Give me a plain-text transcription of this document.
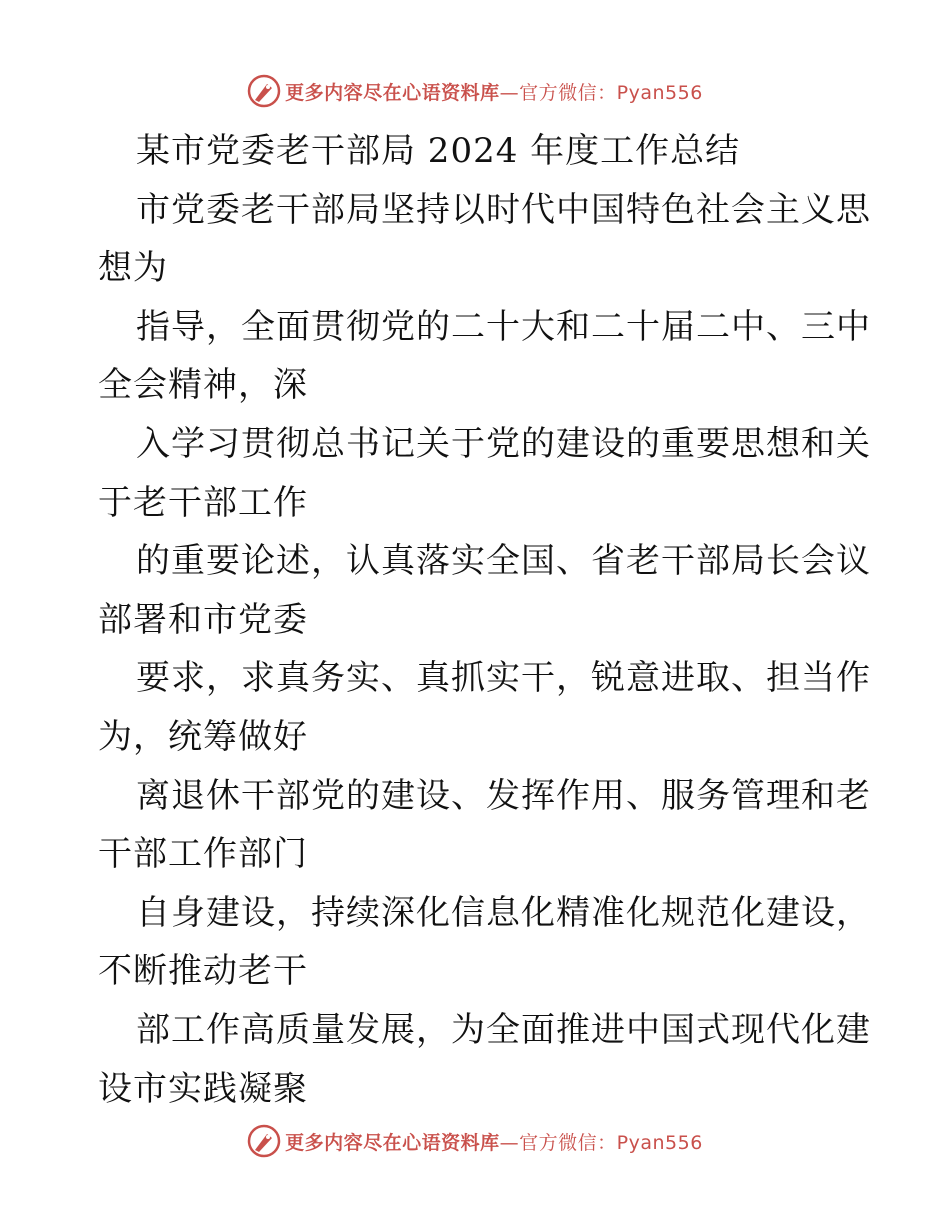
更多内容尽在心语资料库—官方微信：Pyan556
某市党委老干部局 2024 年度工作总结
市党委老干部局坚持以时代中国特色社会主义思
想为
指导，全面贯彻党的二十大和二十届二中、三中
全会精神，深
入学习贯彻总书记关于党的建设的重要思想和关
于老干部工作
的重要论述，认真落实全国、省老干部局长会议
部署和市党委
要求，求真务实、真抓实干，锐意进取、担当作
为，统筹做好
离退休干部党的建设、发挥作用、服务管理和老
干部工作部门
自身建设，持续深化信息化精准化规范化建设，
不断推动老干
部工作高质量发展，为全面推进中国式现代化建
设市实践凝聚
更多内容尽在心语资料库—官方微信：Pyan556
